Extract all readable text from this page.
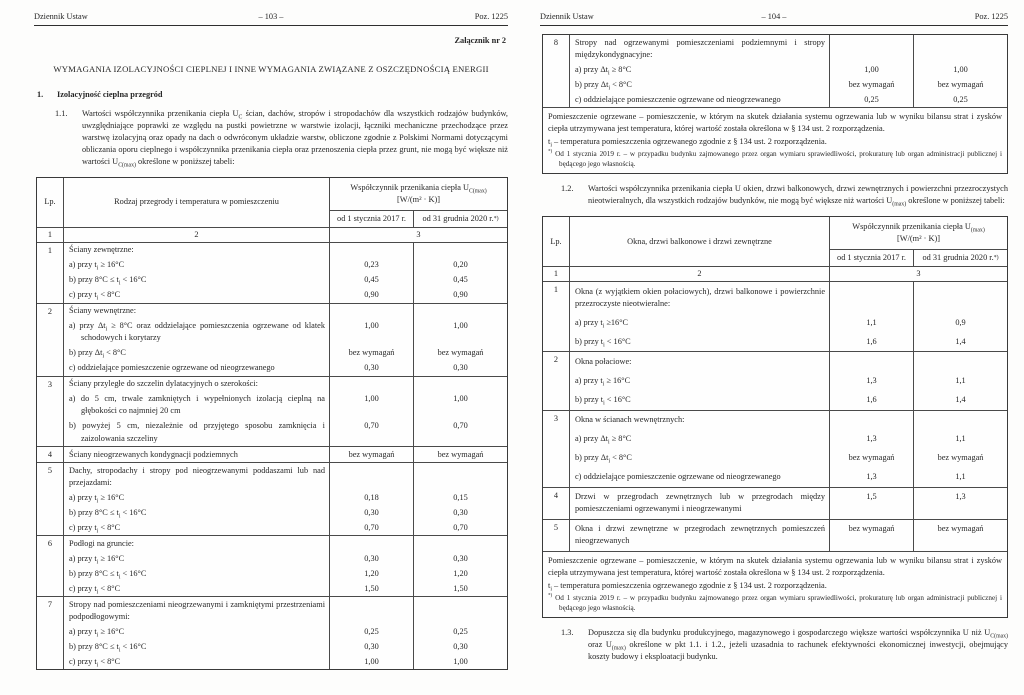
Dziennik Ustaw	– 103 –	Poz. 1225
Załącznik nr 2
WYMAGANIA IZOLACYJNOŚCI CIEPLNEJ I INNE WYMAGANIA ZWIĄZANE Z OSZCZĘDNOŚCIĄ ENERGII
1.	Izolacyjność cieplna przegród
1.1.	Wartości współczynnika przenikania ciepła $U_C$ ścian, dachów, stropów i stropodachów dla wszystkich rodzajów budynków, uwzględniające poprawki ze względu na pustki powietrzne w warstwie izolacji, łączniki mechaniczne przechodzące przez warstwę izolacyjną oraz opady na dach o odwróconym układzie warstw, obliczone zgodnie z Polskimi Normami dotyczącymi obliczania oporu cieplnego i współczynnika przenikania ciepła oraz przenoszenia ciepła przez grunt, nie mogą być większe niż wartości $U_{C(max)}$ określone w poniższej tabeli:
Lp.	Rodzaj przegrody i temperatura w pomieszczeniu
Współczynnik przenikania ciepła $U_{C(max)}$
[W/(m² · K)]
od 1 stycznia 2017 r.	od 31 grudnia 2020 r. *)
1	2	3
1	Ściany zewnętrzne:
a) przy $t_i \ge 16^\circ C$	0,23	0,20
b) przy $8^\circ C \le t_i < 16^\circ C$	0,45	0,45
c) przy $t_i < 8^\circ C$	0,90	0,90
2	Ściany wewnętrzne:
a) przy $\Delta t_i \ge 8^\circ C$ oraz oddzielające pomieszczenia ogrzewane od klatek schodowych i korytarzy
1,00	1,00
b) przy $\Delta t_i < 8^\circ C$	bez wymagań	bez wymagań
c) oddzielające pomieszczenie ogrzewane od nieogrzewanego	0,30	0,30
3	Ściany przyległe do szczelin dylatacyjnych o szerokości:
a) do 5 cm, trwale zamkniętych i wypełnionych izolacją cieplną na głębokości co najmniej 20 cm
1,00	1,00
b) powyżej 5 cm, niezależnie od przyjętego sposobu zamknięcia i zaizolowania szczeliny
0,70	0,70
4	Ściany nieogrzewanych kondygnacji podziemnych	bez wymagań	bez wymagań
5	Dachy, stropodachy i stropy pod nieogrzewanymi poddaszami lub nad przejazdami:
a) przy $t_i \ge 16^\circ C$	0,18	0,15
b) przy $8^\circ C \le t_i < 16^\circ C$	0,30	0,30
c) przy $t_i < 8^\circ C$	0,70	0,70
6	Podłogi na gruncie:
a) przy $t_i \ge 16^\circ C$	0,30	0,30
b) przy $8^\circ C \le t_i < 16^\circ C$	1,20	1,20
c) przy $t_i < 8^\circ C$	1,50	1,50
7	Stropy nad pomieszczeniami nieogrzewanymi i zamkniętymi przestrzeniami podpodłogowymi:
a) przy $t_i \ge 16^\circ C$	0,25	0,25
b) przy $8^\circ C \le t_i < 16^\circ C$	0,30	0,30
c) przy $t_i < 8^\circ C$	1,00	1,00
Dziennik Ustaw	– 104 –	Poz. 1225
8	Stropy nad ogrzewanymi pomieszczeniami podziemnymi i stropy międzykondygnacyjne:
a) przy $\Delta t_i \ge 8^\circ C$	1,00	1,00
b) przy $\Delta t_i < 8^\circ C$	bez wymagań	bez wymagań
c) oddzielające pomieszczenie ogrzewane od nieogrzewanego	0,25	0,25
Pomieszczenie ogrzewane – pomieszczenie, w którym na skutek działania systemu ogrzewania lub w wyniku bilansu strat i zysków ciepła utrzymywana jest temperatura, której wartość została określona w § 134 ust. 2 rozporządzenia.
$t_i$ – temperatura pomieszczenia ogrzewanego zgodnie z § 134 ust. 2 rozporządzenia.
*) Od 1 stycznia 2019 r. – w przypadku budynku zajmowanego przez organ wymiaru sprawiedliwości, prokuraturę lub organ administracji publicznej i będącego jego własnością.
1.2.	Wartości współczynnika przenikania ciepła U okien, drzwi balkonowych, drzwi zewnętrznych i powierzchni przezroczystych nieotwieralnych, dla wszystkich rodzajów budynków, nie mogą być większe niż wartości $U_{(max)}$ określone w poniższej tabeli:
Lp.	Okna, drzwi balkonowe i drzwi zewnętrzne
Współczynnik przenikania ciepła $U_{(max)}$
[W/(m² · K)]
od 1 stycznia 2017 r.	od 31 grudnia 2020 r. *)
1	2	3
1	Okna (z wyjątkiem okien połaciowych), drzwi balkonowe i powierzchnie przezroczyste nieotwieralne:
a) przy $t_i \ge 16^\circ C$	1,1	0,9
b) przy $t_i < 16^\circ C$	1,6	1,4
2	Okna połaciowe:
a) przy $t_i \ge 16^\circ C$	1,3	1,1
b) przy $t_i < 16^\circ C$	1,6	1,4
3	Okna w ścianach wewnętrznych:
a) przy $\Delta t_i \ge 8^\circ C$	1,3	1,1
b) przy $\Delta t_i < 8^\circ C$	bez wymagań	bez wymagań
c) oddzielające pomieszczenie ogrzewane od nieogrzewanego	1,3	1,1
4	Drzwi w przegrodach zewnętrznych lub w przegrodach między pomieszczeniami ogrzewanymi i nieogrzewanymi
1,5	1,3
5	Okna i drzwi zewnętrzne w przegrodach zewnętrznych pomieszczeń nieogrzewanych
bez wymagań	bez wymagań
Pomieszczenie ogrzewane – pomieszczenie, w którym na skutek działania systemu ogrzewania lub w wyniku bilansu strat i zysków ciepła utrzymywana jest temperatura, której wartość została określona w § 134 ust. 2 rozporządzenia.
$t_i$ – temperatura pomieszczenia ogrzewanego zgodnie z § 134 ust. 2 rozporządzenia.
*) Od 1 stycznia 2019 r. – w przypadku budynku zajmowanego przez organ wymiaru sprawiedliwości, prokuraturę lub organ administracji publicznej i będącego jego własnością.
1.3.	Dopuszcza się dla budynku produkcyjnego, magazynowego i gospodarczego większe wartości współczynnika U niż $U_{C(max)}$ oraz $U_{(max)}$ określone w pkt 1.1. i 1.2., jeżeli uzasadnia to rachunek efektywności ekonomicznej inwestycji, obejmujący koszty budowy i eksploatacji budynku.
